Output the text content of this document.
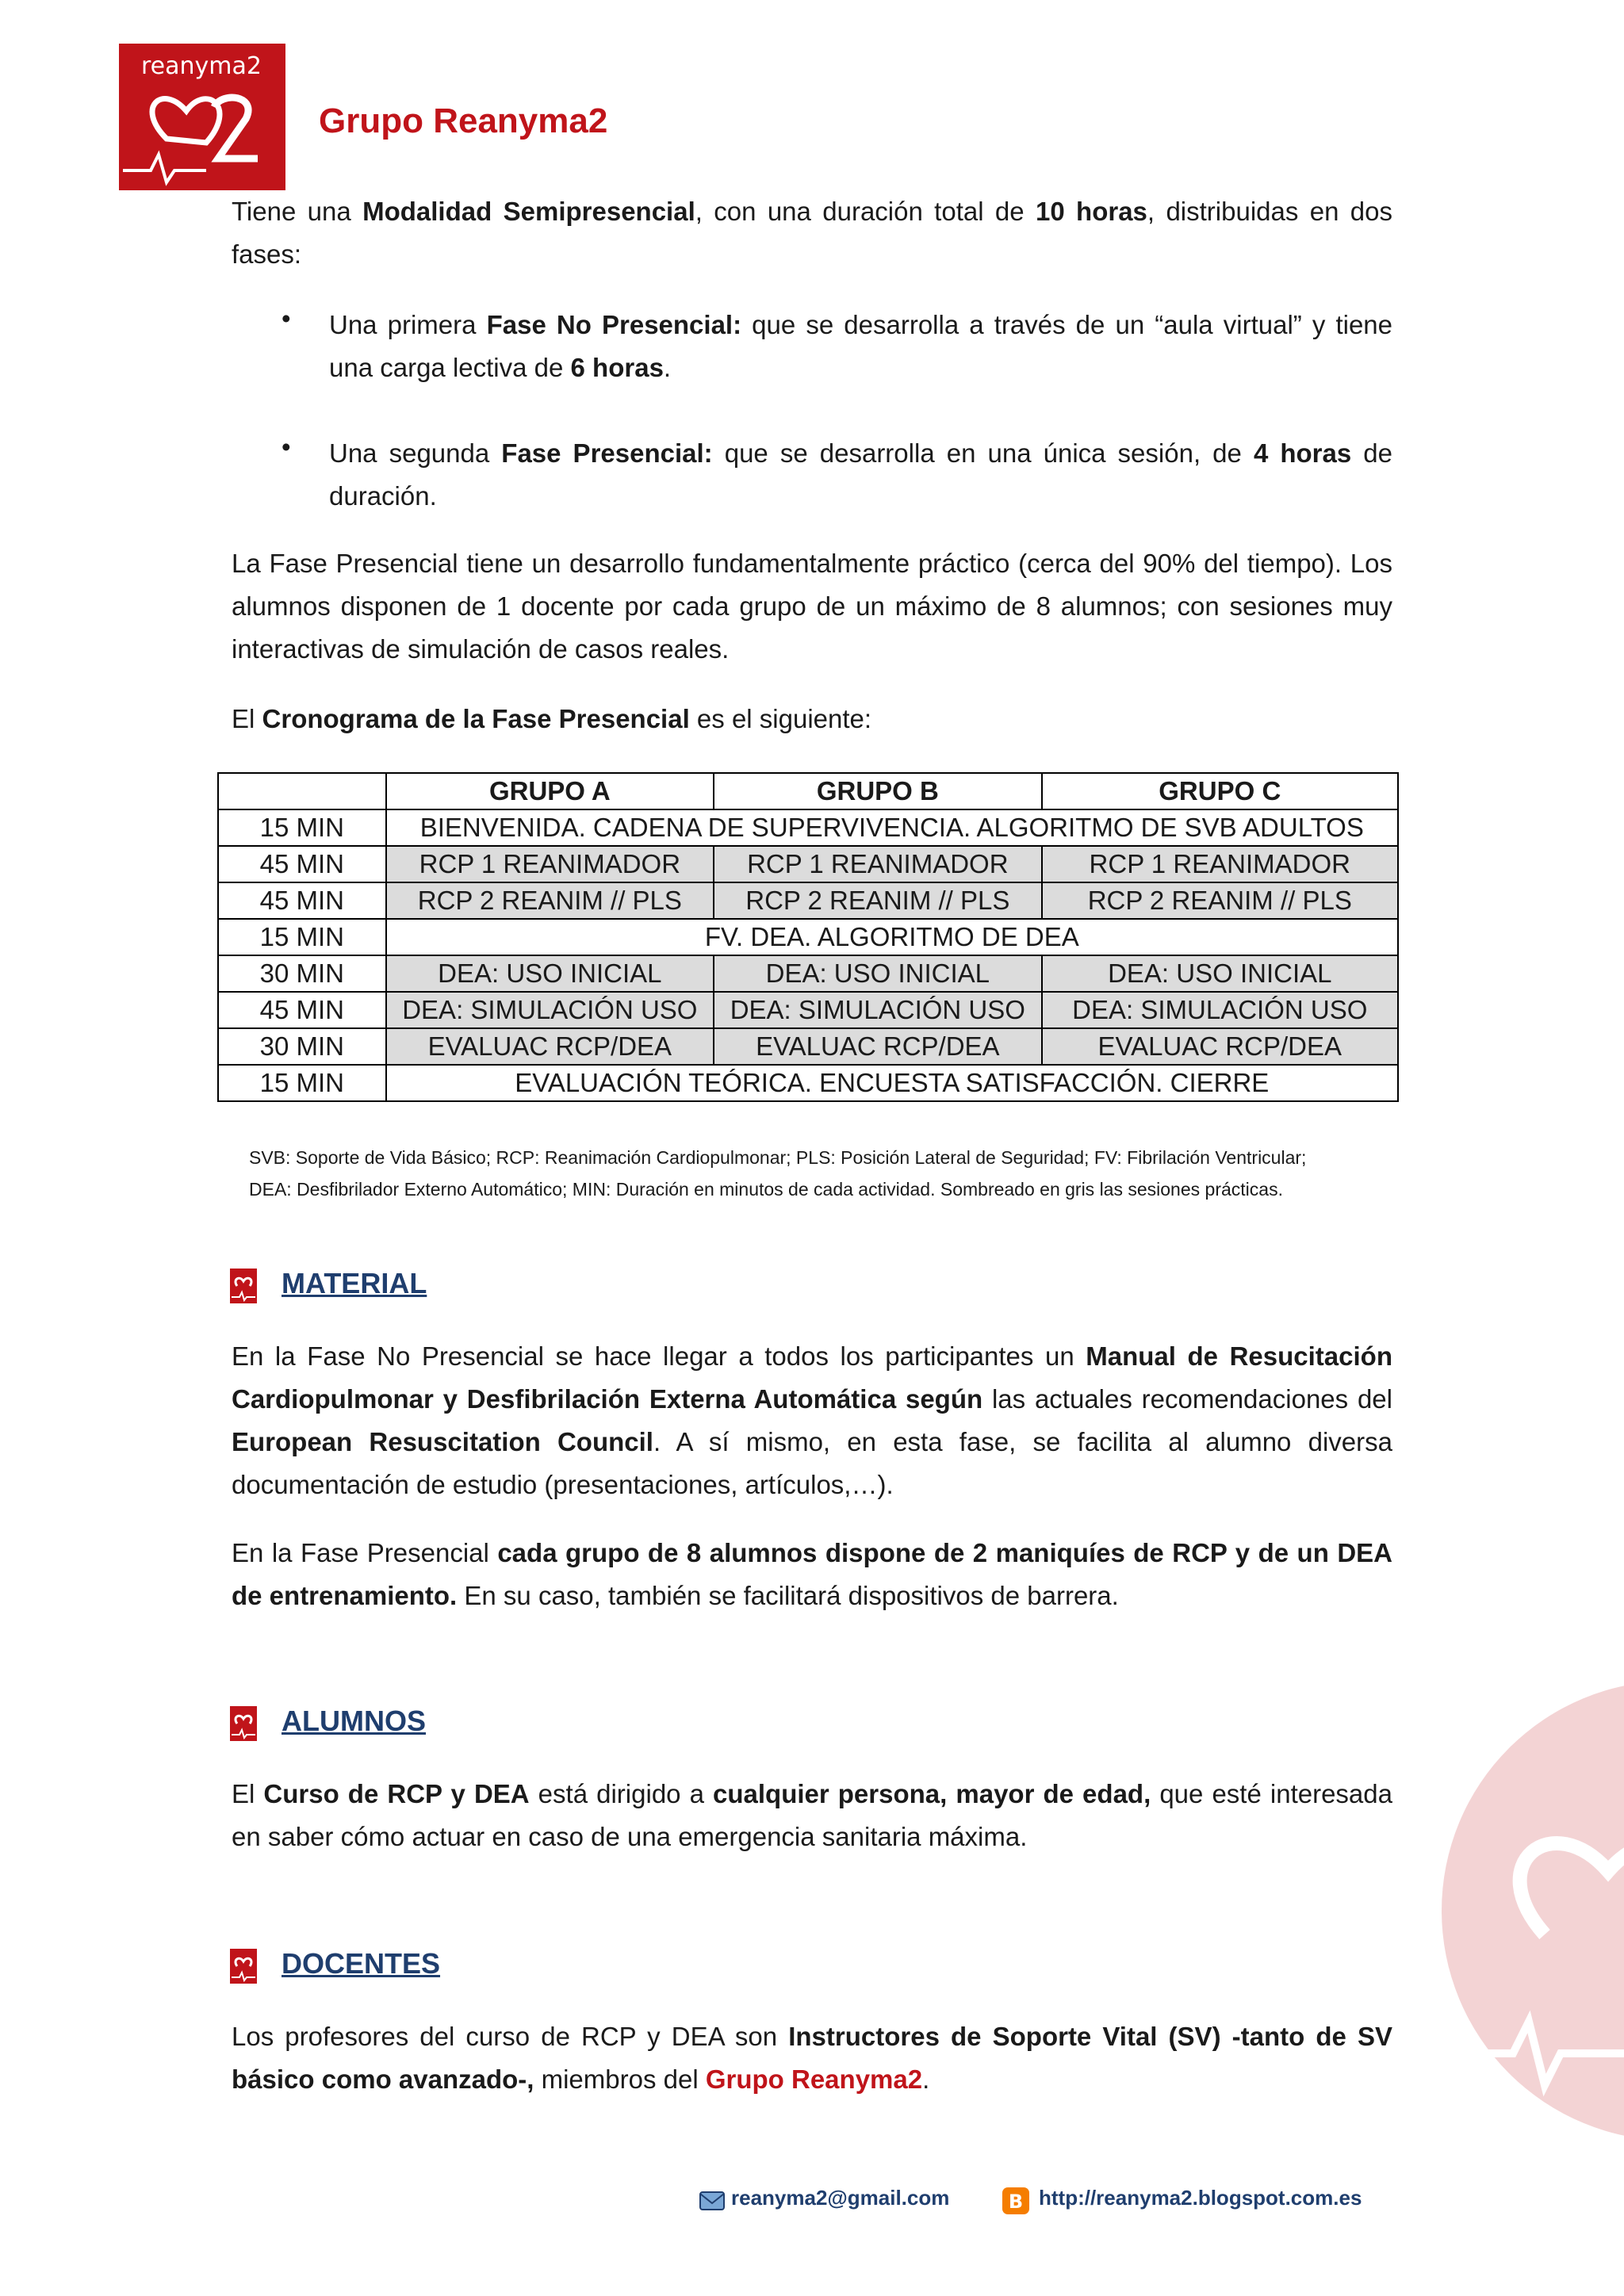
reanyma2
Grupo Reanyma2
Tiene una Modalidad Semipresencial, con una duración total de 10 horas, distribuidas en dos fases:
• Una primera Fase No Presencial: que se desarrolla a través de un “aula virtual” y tiene una carga lectiva de 6 horas.
• Una segunda Fase Presencial: que se desarrolla en una única sesión, de 4 horas de duración.
La Fase Presencial tiene un desarrollo fundamentalmente práctico (cerca del 90% del tiempo). Los alumnos disponen de 1 docente por cada grupo de un máximo de 8 alumnos; con sesiones muy interactivas de simulación de casos reales.
El Cronograma de la Fase Presencial es el siguiente:
	GRUPO A	GRUPO B	GRUPO C
15 MIN	BIENVENIDA. CADENA DE SUPERVIVENCIA. ALGORITMO DE SVB ADULTOS		
45 MIN	RCP 1 REANIMADOR	RCP 1 REANIMADOR	RCP 1 REANIMADOR
45 MIN	RCP 2 REANIM // PLS	RCP 2 REANIM // PLS	RCP 2 REANIM // PLS
15 MIN	FV. DEA. ALGORITMO DE DEA		
30 MIN	DEA: USO INICIAL	DEA: USO INICIAL	DEA: USO INICIAL
45 MIN	DEA: SIMULACIÓN USO	DEA: SIMULACIÓN USO	DEA: SIMULACIÓN USO
30 MIN	EVALUAC RCP/DEA	EVALUAC RCP/DEA	EVALUAC RCP/DEA
15 MIN	EVALUACIÓN TEÓRICA. ENCUESTA SATISFACCIÓN. CIERRE		
SVB: Soporte de Vida Básico; RCP: Reanimación Cardiopulmonar; PLS: Posición Lateral de Seguridad; FV: Fibrilación Ventricular;
DEA: Desfibrilador Externo Automático; MIN: Duración en minutos de cada actividad. Sombreado en gris las sesiones prácticas.
MATERIAL
En la Fase No Presencial se hace llegar a todos los participantes un Manual de Resucitación Cardiopulmonar y Desfibrilación Externa Automática según las actuales recomendaciones del European Resuscitation Council. A sí mismo, en esta fase, se facilita al alumno diversa documentación de estudio (presentaciones, artículos,…).
En la Fase Presencial cada grupo de 8 alumnos dispone de 2 maniquíes de RCP y de un DEA de entrenamiento. En su caso, también se facilitará dispositivos de barrera.
ALUMNOS
El Curso de RCP y DEA está dirigido a cualquier persona, mayor de edad, que esté interesada en saber cómo actuar en caso de una emergencia sanitaria máxima.
DOCENTES
Los profesores del curso de RCP y DEA son Instructores de Soporte Vital (SV) -tanto de SV básico como avanzado-, miembros del Grupo Reanyma2.
reanyma2@gmail.com	B http://reanyma2.blogspot.com.es
